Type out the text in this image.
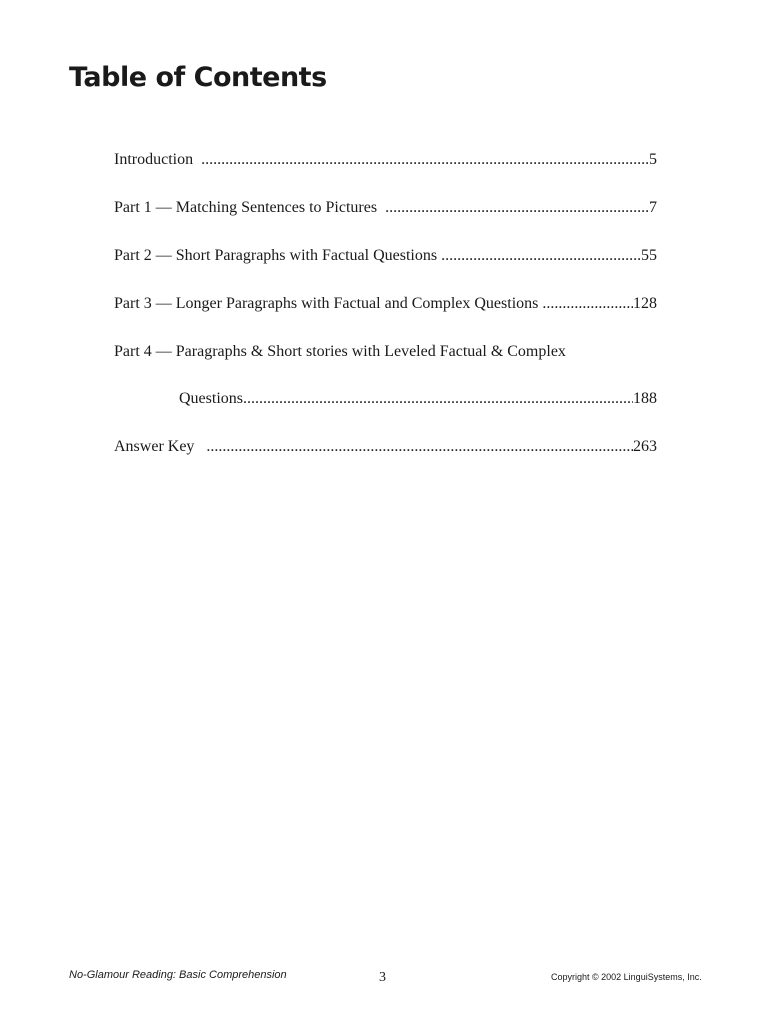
Table of Contents
Introduction .....	5
Part 1 — Matching Sentences to Pictures .....	7
Part 2 — Short Paragraphs with Factual Questions .....	55
Part 3 — Longer Paragraphs with Factual and Complex Questions .....	128
Part 4 — Paragraphs & Short stories with Leveled Factual & Complex
Questions .....	188
Answer Key .....	263
No-Glamour Reading: Basic Comprehension	3	Copyright © 2002 LinguiSystems, Inc.
